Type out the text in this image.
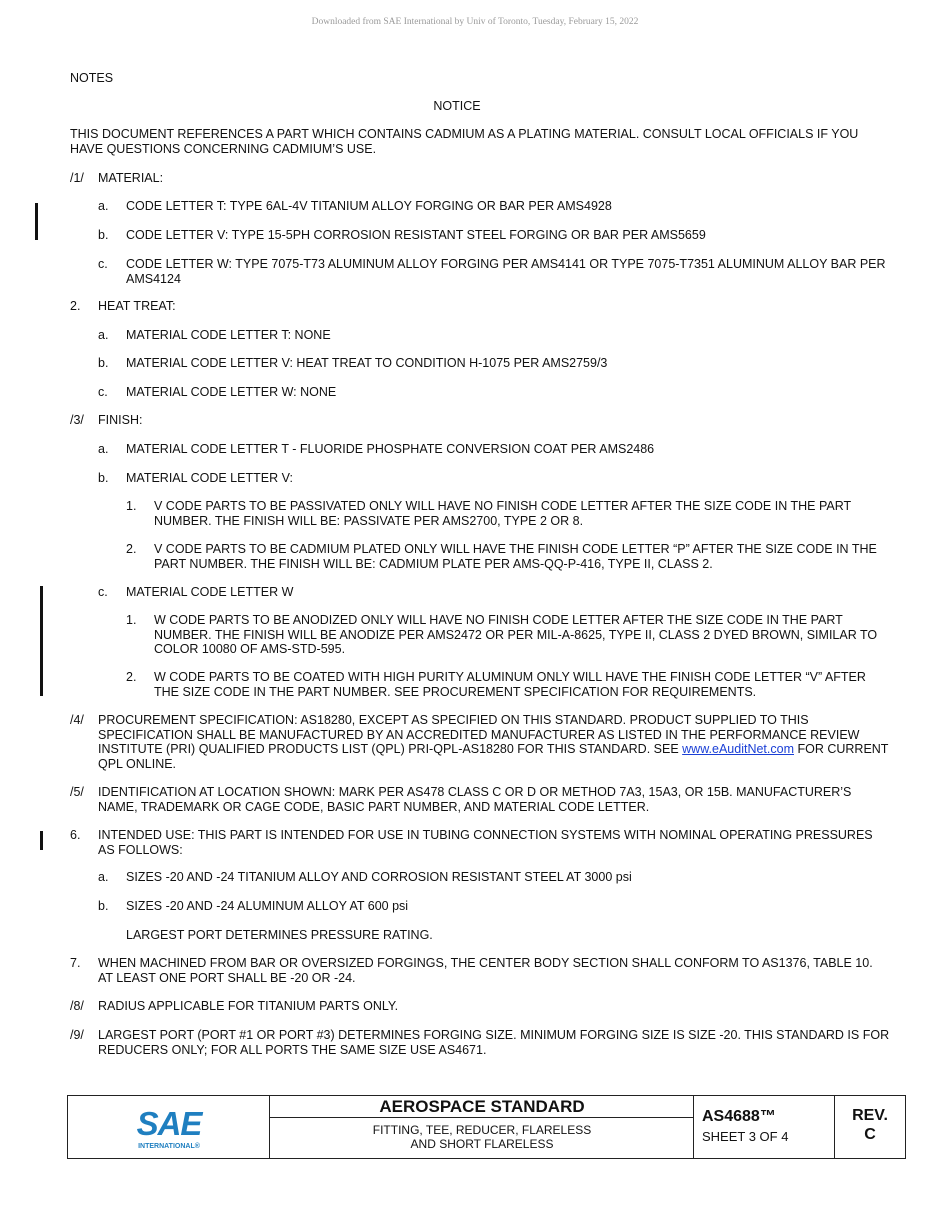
Downloaded from SAE International by Univ of Toronto, Tuesday, February 15, 2022
NOTES
NOTICE
THIS DOCUMENT REFERENCES A PART WHICH CONTAINS CADMIUM AS A PLATING MATERIAL. CONSULT LOCAL OFFICIALS IF YOU
HAVE QUESTIONS CONCERNING CADMIUM’S USE.
/1/ MATERIAL:
a. CODE LETTER T: TYPE 6AL-4V TITANIUM ALLOY FORGING OR BAR PER AMS4928
b. CODE LETTER V: TYPE 15-5PH CORROSION RESISTANT STEEL FORGING OR BAR PER AMS5659
c. CODE LETTER W: TYPE 7075-T73 ALUMINUM ALLOY FORGING PER AMS4141 OR TYPE 7075-T7351 ALUMINUM ALLOY BAR PER
AMS4124
2. HEAT TREAT:
a. MATERIAL CODE LETTER T: NONE
b. MATERIAL CODE LETTER V: HEAT TREAT TO CONDITION H-1075 PER AMS2759/3
c. MATERIAL CODE LETTER W: NONE
/3/ FINISH:
a. MATERIAL CODE LETTER T - FLUORIDE PHOSPHATE CONVERSION COAT PER AMS2486
b. MATERIAL CODE LETTER V:
1. V CODE PARTS TO BE PASSIVATED ONLY WILL HAVE NO FINISH CODE LETTER AFTER THE SIZE CODE IN THE PART
NUMBER. THE FINISH WILL BE: PASSIVATE PER AMS2700, TYPE 2 OR 8.
2. V CODE PARTS TO BE CADMIUM PLATED ONLY WILL HAVE THE FINISH CODE LETTER “P” AFTER THE SIZE CODE IN THE
PART NUMBER. THE FINISH WILL BE: CADMIUM PLATE PER AMS-QQ-P-416, TYPE II, CLASS 2.
c. MATERIAL CODE LETTER W
1. W CODE PARTS TO BE ANODIZED ONLY WILL HAVE NO FINISH CODE LETTER AFTER THE SIZE CODE IN THE PART
NUMBER. THE FINISH WILL BE ANODIZE PER AMS2472 OR PER MIL-A-8625, TYPE II, CLASS 2 DYED BROWN, SIMILAR TO
COLOR 10080 OF AMS-STD-595.
2. W CODE PARTS TO BE COATED WITH HIGH PURITY ALUMINUM ONLY WILL HAVE THE FINISH CODE LETTER “V” AFTER
THE SIZE CODE IN THE PART NUMBER. SEE PROCUREMENT SPECIFICATION FOR REQUIREMENTS.
/4/ PROCUREMENT SPECIFICATION: AS18280, EXCEPT AS SPECIFIED ON THIS STANDARD. PRODUCT SUPPLIED TO THIS
SPECIFICATION SHALL BE MANUFACTURED BY AN ACCREDITED MANUFACTURER AS LISTED IN THE PERFORMANCE REVIEW
INSTITUTE (PRI) QUALIFIED PRODUCTS LIST (QPL) PRI-QPL-AS18280 FOR THIS STANDARD. SEE www.eAuditNet.com FOR CURRENT
QPL ONLINE.
/5/ IDENTIFICATION AT LOCATION SHOWN: MARK PER AS478 CLASS C OR D OR METHOD 7A3, 15A3, OR 15B. MANUFACTURER’S
NAME, TRADEMARK OR CAGE CODE, BASIC PART NUMBER, AND MATERIAL CODE LETTER.
6. INTENDED USE: THIS PART IS INTENDED FOR USE IN TUBING CONNECTION SYSTEMS WITH NOMINAL OPERATING PRESSURES
AS FOLLOWS:
a. SIZES -20 AND -24 TITANIUM ALLOY AND CORROSION RESISTANT STEEL AT 3000 psi
b. SIZES -20 AND -24 ALUMINUM ALLOY AT 600 psi
LARGEST PORT DETERMINES PRESSURE RATING.
7. WHEN MACHINED FROM BAR OR OVERSIZED FORGINGS, THE CENTER BODY SECTION SHALL CONFORM TO AS1376, TABLE 10.
AT LEAST ONE PORT SHALL BE -20 OR -24.
/8/ RADIUS APPLICABLE FOR TITANIUM PARTS ONLY.
/9/ LARGEST PORT (PORT #1 OR PORT #3) DETERMINES FORGING SIZE. MINIMUM FORGING SIZE IS SIZE -20. THIS STANDARD IS FOR
REDUCERS ONLY; FOR ALL PORTS THE SAME SIZE USE AS4671.
SAE
INTERNATIONAL®
AEROSPACE STANDARD
FITTING, TEE, REDUCER, FLARELESS
AND SHORT FLARELESS
AS4688™
SHEET 3 OF 4
REV.
C
